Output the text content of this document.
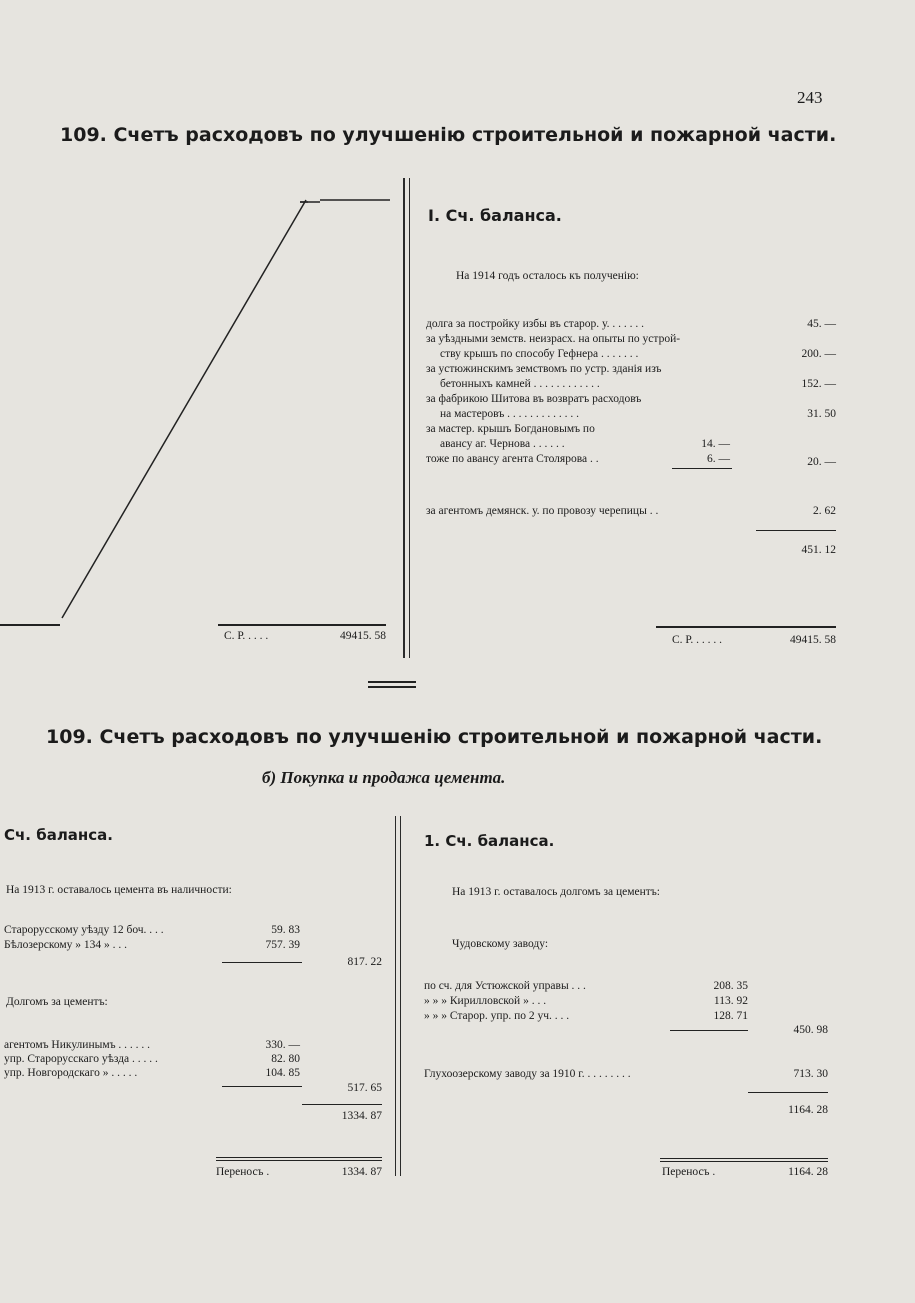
243
109. Счетъ расходовъ по улучшенію строительной и пожарной части.
С. Р. . . . .	49415. 58
I. Сч. баланса.
На 1914 годъ осталось къ полученію:
долга за постройку избы въ старор. у. . . . . . .	45. —
за уѣздными земств. неизрасх. на опыты по устрой-
ству крышъ по способу Гефнера . . . . . . .	200. —
за устюжинскимъ земствомъ по устр. зданія изъ
бетонныхъ камней . . . . . . . . . . . .	152. —
за фабрикою Шитова въ возвратъ расходовъ
на мастеровъ . . . . . . . . . . . . .	31. 50
за мастер. крышъ Богдановымъ по
авансу аг. Чернова . . . . . .	14. —
тоже по авансу агента Столярова . .	6. —	20. —
за агентомъ демянск. у. по провозу черепицы . .	2. 62
451. 12
С. Р. . . . . .	49415. 58
109. Счетъ расходовъ по улучшенію строительной и пожарной части.
б) Покупка и продажа цемента.
Сч. баланса.
На 1913 г. оставалось цемента въ наличности:
Старорусскому уѣзду 12 боч. . . .	59. 83
Бѣлозерскому » 134 » . . .	757. 39
817. 22
Долгомъ за цементъ:
агентомъ Никулинымъ . . . . . .	330. —
упр. Старорусскаго уѣзда . . . . .	82. 80
упр. Новгородскаго » . . . . .	104. 85
517. 65
1334. 87
Переносъ .	1334. 87
1. Сч. баланса.
На 1913 г. оставалось долгомъ за цементъ:
Чудовскому заводу:
по сч. для Устюжской управы . . .	208. 35
» » » Кирилловской » . . .	113. 92
» » » Старор. упр. по 2 уч. . . .	128. 71
450. 98
Глухоозерскому заводу за 1910 г. . . . . . . . .	713. 30
1164. 28
Переносъ .	1164. 28
